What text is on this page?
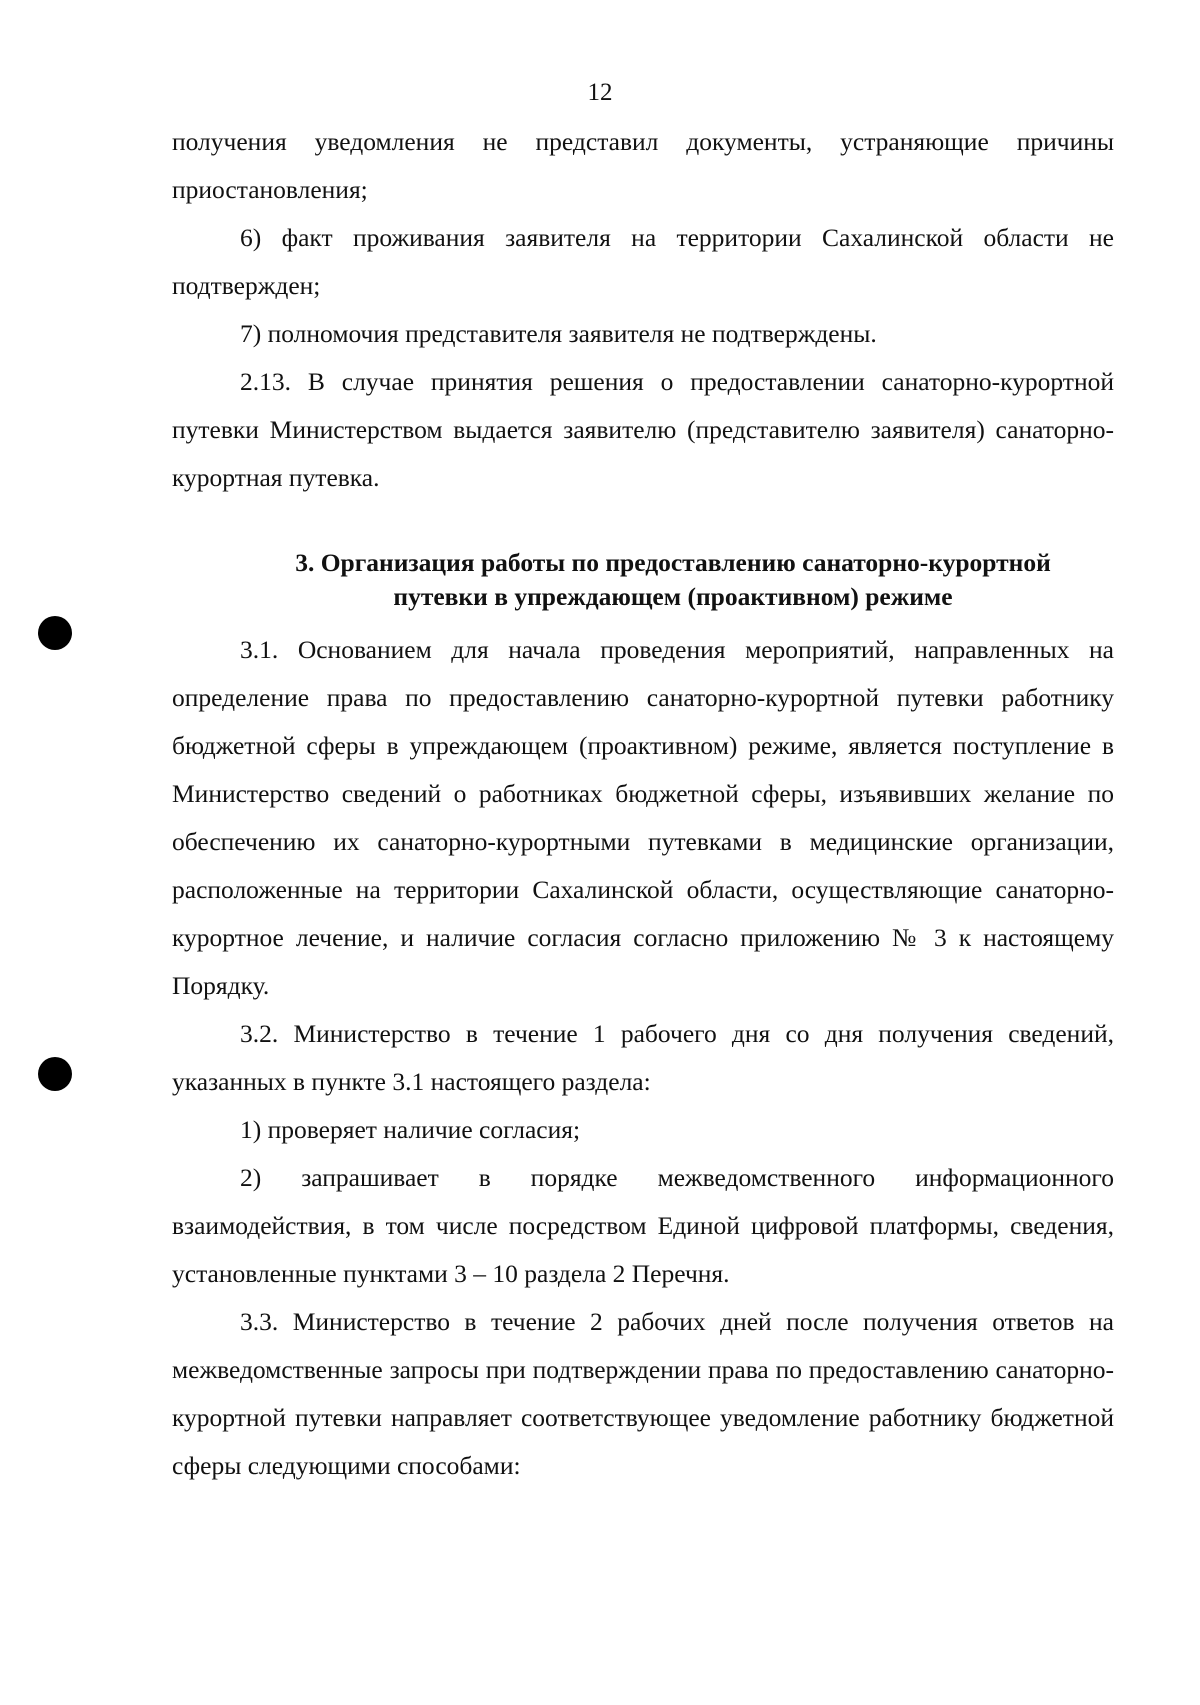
12

получения уведомления не представил документы, устраняющие причины приостановления;

6) факт проживания заявителя на территории Сахалинской области не подтвержден;

7) полномочия представителя заявителя не подтверждены.

2.13. В случае принятия решения о предоставлении санаторно-курортной путевки Министерством выдается заявителю (представителю заявителя) санаторно-курортная путевка.

3. Организация работы по предоставлению санаторно-курортной
путевки в упреждающем (проактивном) режиме

3.1. Основанием для начала проведения мероприятий, направленных на определение права по предоставлению санаторно-курортной путевки работнику бюджетной сферы в упреждающем (проактивном) режиме, является поступление в Министерство сведений о работниках бюджетной сферы, изъявивших желание по обеспечению их санаторно-курортными путевками в медицинские организации, расположенные на территории Сахалинской области, осуществляющие санаторно-курортное лечение, и наличие согласия согласно приложению № 3 к настоящему Порядку.

3.2. Министерство в течение 1 рабочего дня со дня получения сведений, указанных в пункте 3.1 настоящего раздела:

1) проверяет наличие согласия;

2) запрашивает в порядке межведомственного информационного взаимодействия, в том числе посредством Единой цифровой платформы, сведения, установленные пунктами 3 – 10 раздела 2 Перечня.

3.3. Министерство в течение 2 рабочих дней после получения ответов на межведомственные запросы при подтверждении права по предоставлению санаторно-курортной путевки направляет соответствующее уведомление работнику бюджетной сферы следующими способами:
